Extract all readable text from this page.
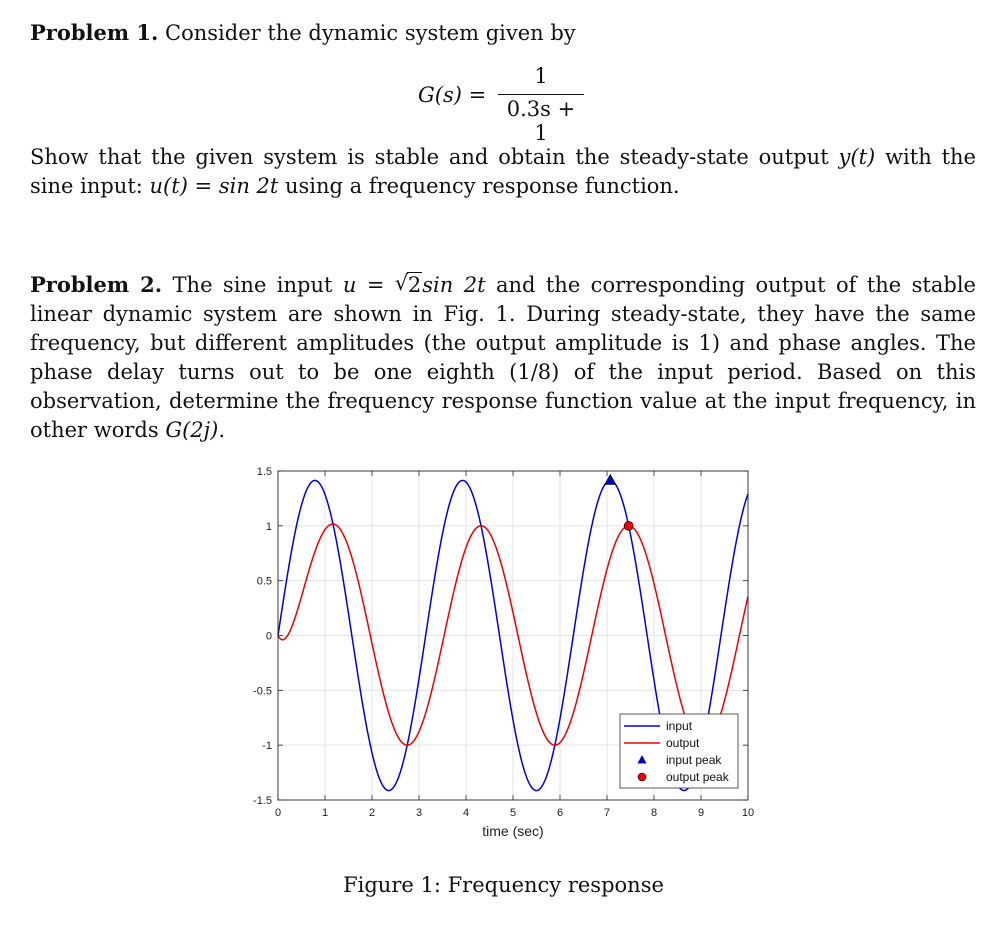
Problem 1. Consider the dynamic system given by
G(s) =
1
0.3s + 1
Show that the given system is stable and obtain the steady-state output y(t) with the sine input: u(t) = sin 2t using a frequency response function.
Problem 2. The sine input u = √ 2sin 2t and the corresponding output of the stable linear dynamic system are shown in Fig. 1. During steady-state, they have the same frequency, but different amplitudes (the output amplitude is 1) and phase angles. The phase delay turns out to be one eighth (1/8) of the input period. Based on this observation, determine the frequency response function value at the input frequency, in other words G(2j).
0	1	2	3	4	5	6	7	8	9	10
-1.5
-1
-0.5
0
0.5
1
1.5
time (sec)
input
output
input peak
output peak
Figure 1: Frequency response
